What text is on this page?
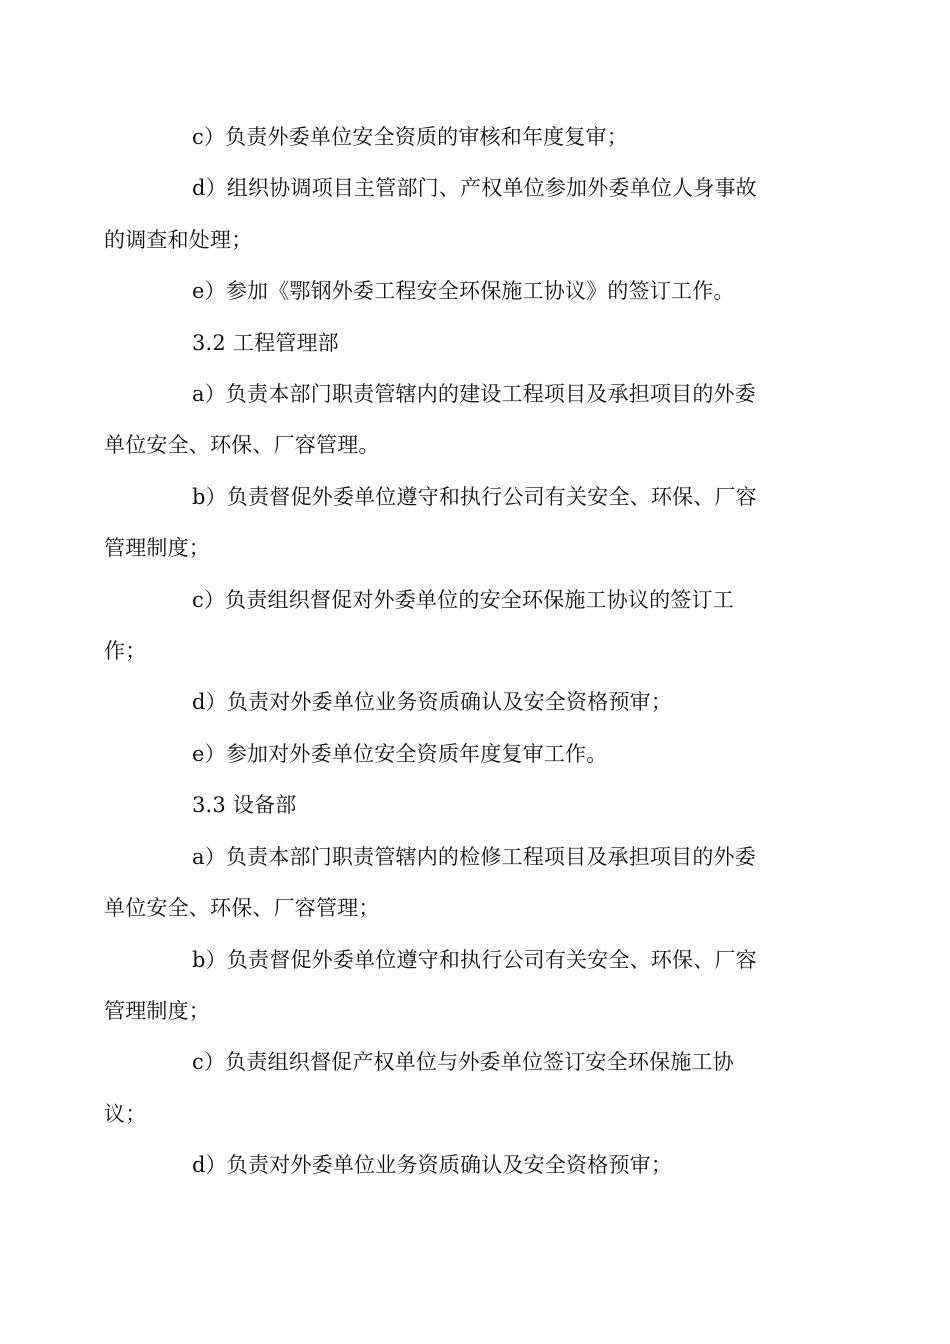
c）负责外委单位安全资质的审核和年度复审；

d）组织协调项目主管部门、产权单位参加外委单位人身事故
的调查和处理；

e）参加《鄂钢外委工程安全环保施工协议》的签订工作。

3.2 工程管理部

a）负责本部门职责管辖内的建设工程项目及承担项目的外委
单位安全、环保、厂容管理。

b）负责督促外委单位遵守和执行公司有关安全、环保、厂容
管理制度；

c）负责组织督促对外委单位的安全环保施工协议的签订工
作；

d）负责对外委单位业务资质确认及安全资格预审；

e）参加对外委单位安全资质年度复审工作。

3.3 设备部

a）负责本部门职责管辖内的检修工程项目及承担项目的外委
单位安全、环保、厂容管理；

b）负责督促外委单位遵守和执行公司有关安全、环保、厂容
管理制度；

c）负责组织督促产权单位与外委单位签订安全环保施工协
议；

d）负责对外委单位业务资质确认及安全资格预审；
